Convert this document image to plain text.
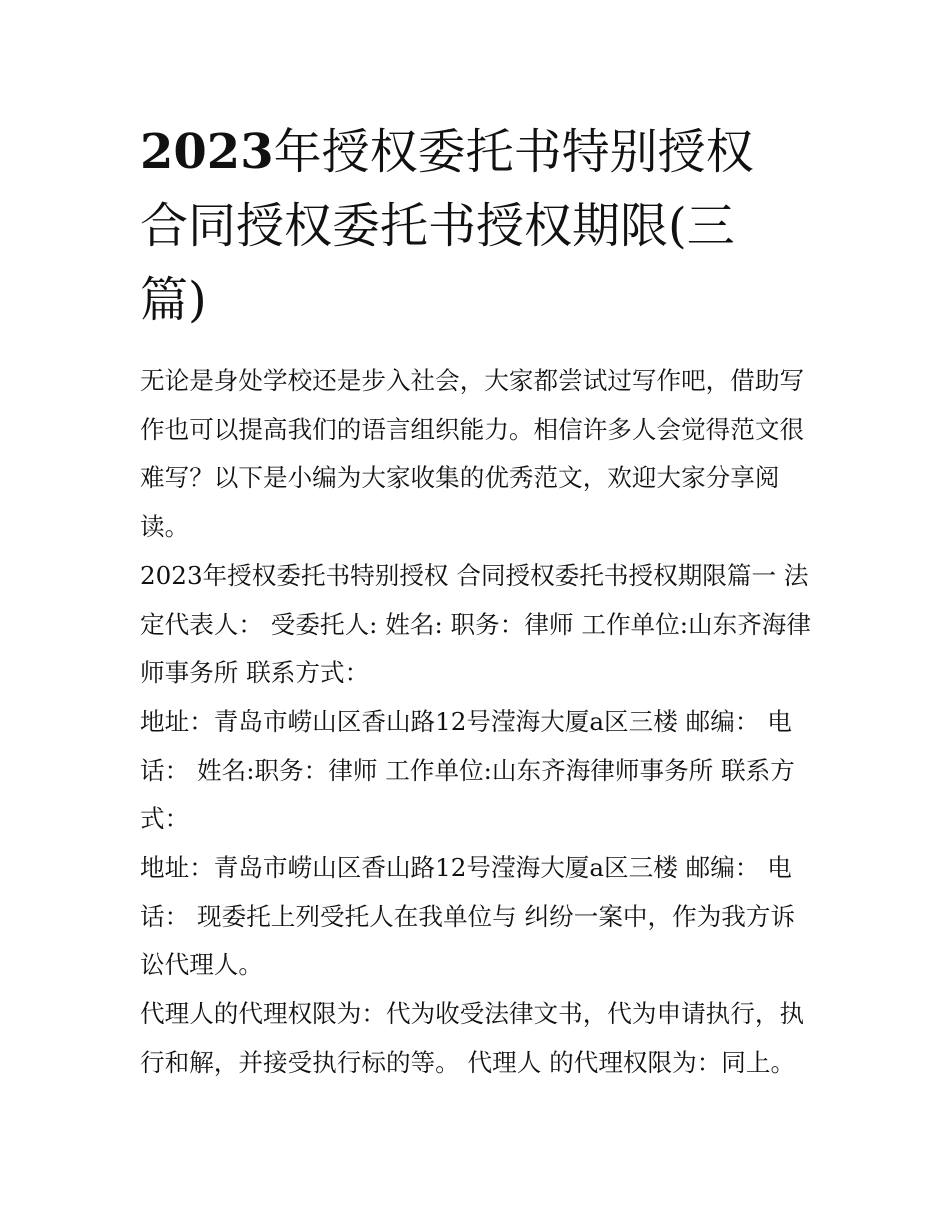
2023年授权委托书特别授权
合同授权委托书授权期限(三
篇)

无论是身处学校还是步入社会，大家都尝试过写作吧，借助写
作也可以提高我们的语言组织能力。相信许多人会觉得范文很
难写？以下是小编为大家收集的优秀范文，欢迎大家分享阅
读。

2023年授权委托书特别授权 合同授权委托书授权期限篇一 法
定代表人： 受委托人: 姓名: 职务：律师 工作单位:山东齐海律
师事务所 联系方式：

地址：青岛市崂山区香山路12号滢海大厦a区三楼 邮编： 电
话： 姓名:职务：律师 工作单位:山东齐海律师事务所 联系方
式：

地址：青岛市崂山区香山路12号滢海大厦a区三楼 邮编： 电
话： 现委托上列受托人在我单位与 纠纷一案中，作为我方诉
讼代理人。

代理人的代理权限为：代为收受法律文书，代为申请执行，执
行和解，并接受执行标的等。 代理人 的代理权限为：同上。
